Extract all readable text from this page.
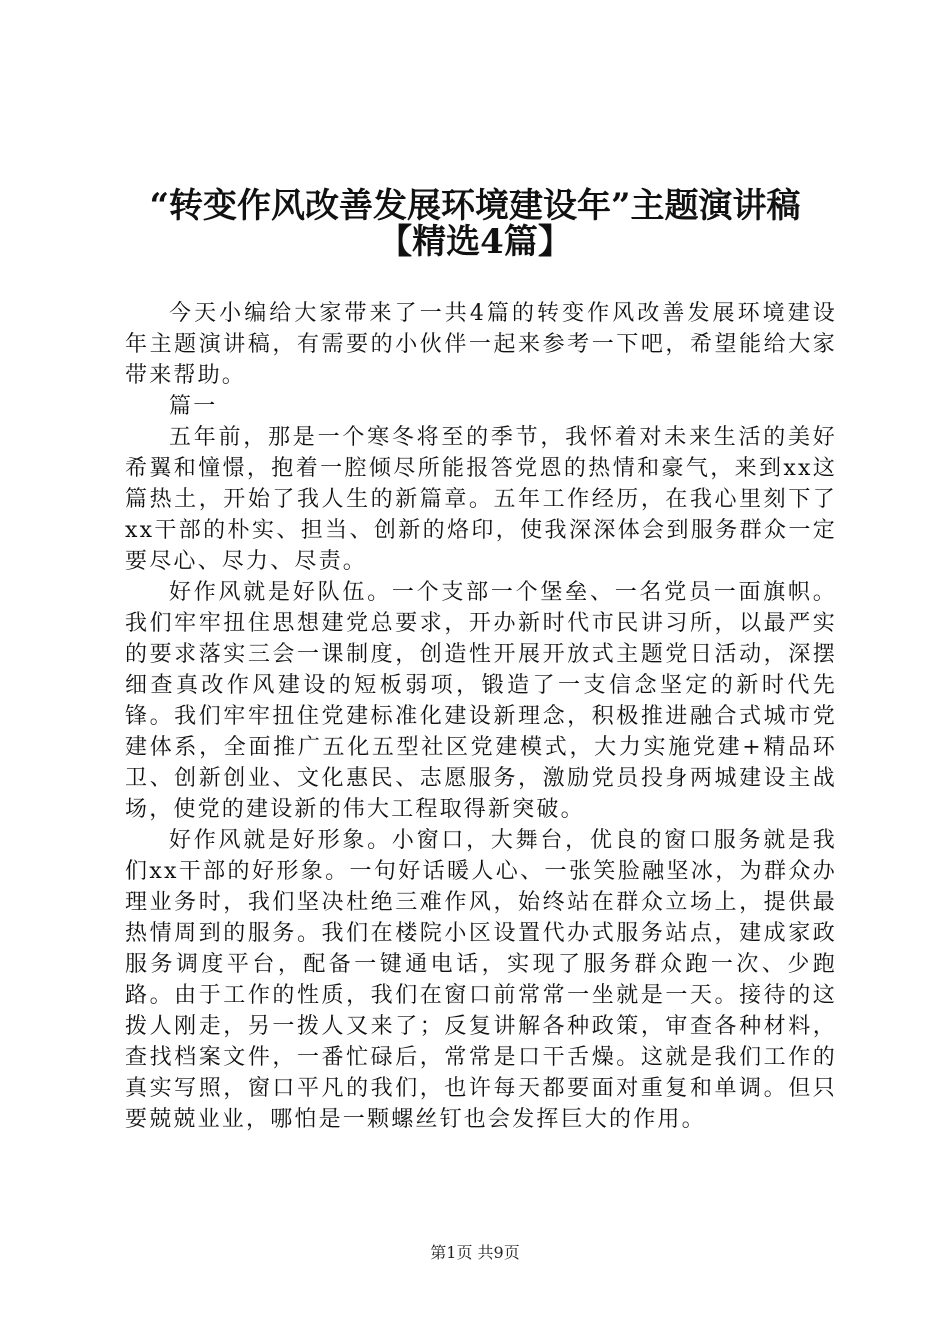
“转变作风改善发展环境建设年”主题演讲稿
【精选4篇】

今天小编给大家带来了一共4篇的转变作风改善发展环境建设年主题演讲稿，有需要的小伙伴一起来参考一下吧，希望能给大家带来帮助。

篇一

五年前，那是一个寒冬将至的季节，我怀着对未来生活的美好希翼和憧憬，抱着一腔倾尽所能报答党恩的热情和豪气，来到xx这篇热土，开始了我人生的新篇章。五年工作经历，在我心里刻下了xx干部的朴实、担当、创新的烙印，使我深深体会到服务群众一定要尽心、尽力、尽责。

好作风就是好队伍。一个支部一个堡垒、一名党员一面旗帜。我们牢牢扭住思想建党总要求，开办新时代市民讲习所，以最严实的要求落实三会一课制度，创造性开展开放式主题党日活动，深摆细查真改作风建设的短板弱项，锻造了一支信念坚定的新时代先锋。我们牢牢扭住党建标准化建设新理念，积极推进融合式城市党建体系，全面推广五化五型社区党建模式，大力实施党建+精品环卫、创新创业、文化惠民、志愿服务，激励党员投身两城建设主战场，使党的建设新的伟大工程取得新突破。

好作风就是好形象。小窗口，大舞台，优良的窗口服务就是我们xx干部的好形象。一句好话暖人心、一张笑脸融坚冰，为群众办理业务时，我们坚决杜绝三难作风，始终站在群众立场上，提供最热情周到的服务。我们在楼院小区设置代办式服务站点，建成家政服务调度平台，配备一键通电话，实现了服务群众跑一次、少跑路。由于工作的性质，我们在窗口前常常一坐就是一天。接待的这拨人刚走，另一拨人又来了；反复讲解各种政策，审查各种材料，查找档案文件，一番忙碌后，常常是口干舌燥。这就是我们工作的真实写照，窗口平凡的我们，也许每天都要面对重复和单调。但只要兢兢业业，哪怕是一颗螺丝钉也会发挥巨大的作用。

第1页 共9页
